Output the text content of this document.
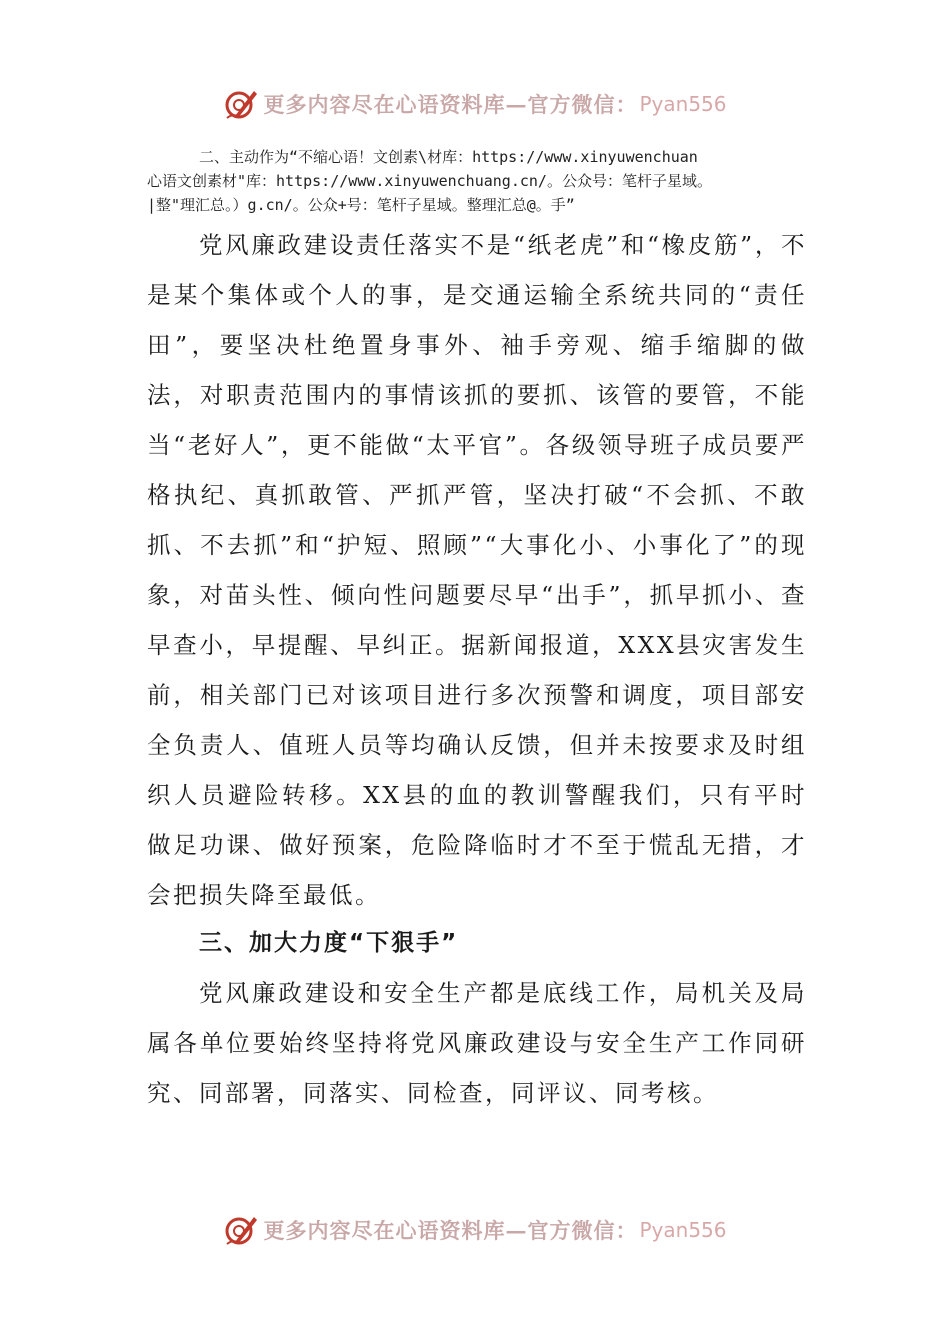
更多内容尽在心语资料库—官方微信： Pyan556
二、主动作为“不缩心语！文创素\材库：https://www.xinyuwenchuan
心语文创素材"库：https://www.xinyuwenchuang.cn/。公众号：笔杆子星域。
|整"理汇总。）g.cn/。公众+号：笔杆子星域。整理汇总@。手”

党风廉政建设责任落实不是“纸老虎”和“橡皮筋”，不是某个集体或个人的事，是交通运输全系统共同的“责任田”，要坚决杜绝置身事外、袖手旁观、缩手缩脚的做法，对职责范围内的事情该抓的要抓、该管的要管，不能当“老好人”，更不能做“太平官”。各级领导班子成员要严格执纪、真抓敢管、严抓严管，坚决打破“不会抓、不敢抓、不去抓”和“护短、照顾”“大事化小、小事化了”的现象，对苗头性、倾向性问题要尽早“出手”，抓早抓小、查早查小，早提醒、早纠正。据新闻报道，XXX县灾害发生前，相关部门已对该项目进行多次预警和调度，项目部安全负责人、值班人员等均确认反馈，但并未按要求及时组织人员避险转移。XX县的血的教训警醒我们，只有平时做足功课、做好预案，危险降临时才不至于慌乱无措，才会把损失降至最低。

三、加大力度“下狠手”

党风廉政建设和安全生产都是底线工作，局机关及局属各单位要始终坚持将党风廉政建设与安全生产工作同研究、同部署，同落实、同检查，同评议、同考核。

更多内容尽在心语资料库—官方微信： Pyan556
